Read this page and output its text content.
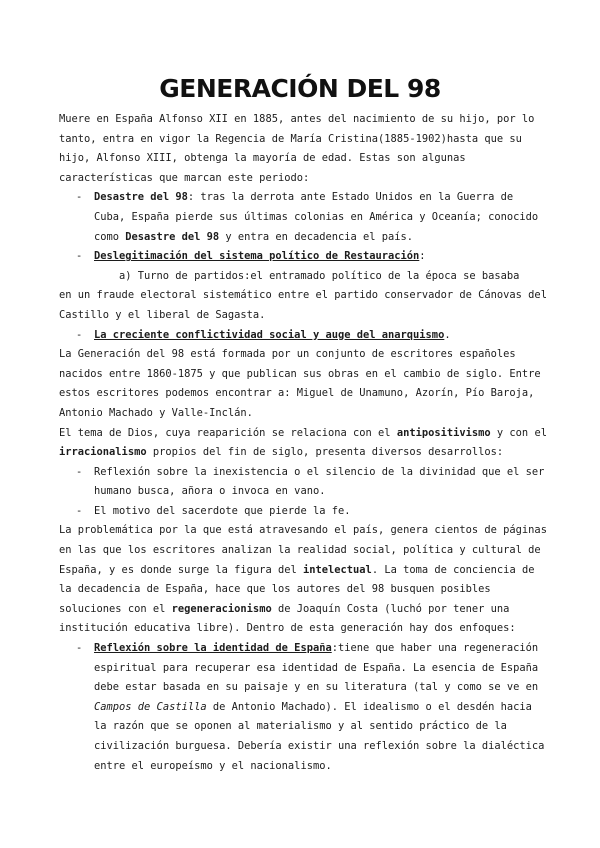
GENERACIÓN DEL 98

Muere en España Alfonso XII en 1885, antes del nacimiento de su hijo, por lo tanto, entra en vigor la Regencia de María Cristina(1885-1902)hasta que su hijo, Alfonso XIII, obtenga la mayoría de edad. Estas son algunas características que marcan este periodo:

- Desastre del 98: tras la derrota ante Estado Unidos en la Guerra de Cuba, España pierde sus últimas colonias en América y Oceanía; conocido como Desastre del 98 y entra en decadencia el país.
- Deslegitimación del sistema político de Restauración:

a) Turno de partidos:el entramado político de la época se basaba

en un fraude electoral sistemático entre el partido conservador de Cánovas del Castillo y el liberal de Sagasta.

- La creciente conflictividad social y auge del anarquismo.

La Generación del 98 está formada por un conjunto de escritores españoles nacidos entre 1860-1875 y que publican sus obras en el cambio de siglo. Entre estos escritores podemos encontrar a: Miguel de Unamuno, Azorín, Pío Baroja, Antonio Machado y Valle-Inclán.

El tema de Dios, cuya reaparición se relaciona con el antipositivismo y con el irracionalismo propios del fin de siglo, presenta diversos desarrollos:

- Reflexión sobre la inexistencia o el silencio de la divinidad que el ser humano busca, añora o invoca en vano.
- El motivo del sacerdote que pierde la fe.

La problemática por la que está atravesando el país, genera cientos de páginas en las que los escritores analizan la realidad social, política y cultural de España, y es donde surge la figura del intelectual. La toma de conciencia de la decadencia de España, hace que los autores del 98 busquen posibles soluciones con el regeneracionismo de Joaquín Costa (luchó por tener una institución educativa libre). Dentro de esta generación hay dos enfoques:

- Reflexión sobre la identidad de España:tiene que haber una regeneración espiritual para recuperar esa identidad de España. La esencia de España debe estar basada en su paisaje y en su literatura (tal y como se ve en Campos de Castilla de Antonio Machado). El idealismo o el desdén hacia la razón que se oponen al materialismo y al sentido práctico de la civilización burguesa. Debería existir una reflexión sobre la dialéctica entre el europeísmo y el nacionalismo.
